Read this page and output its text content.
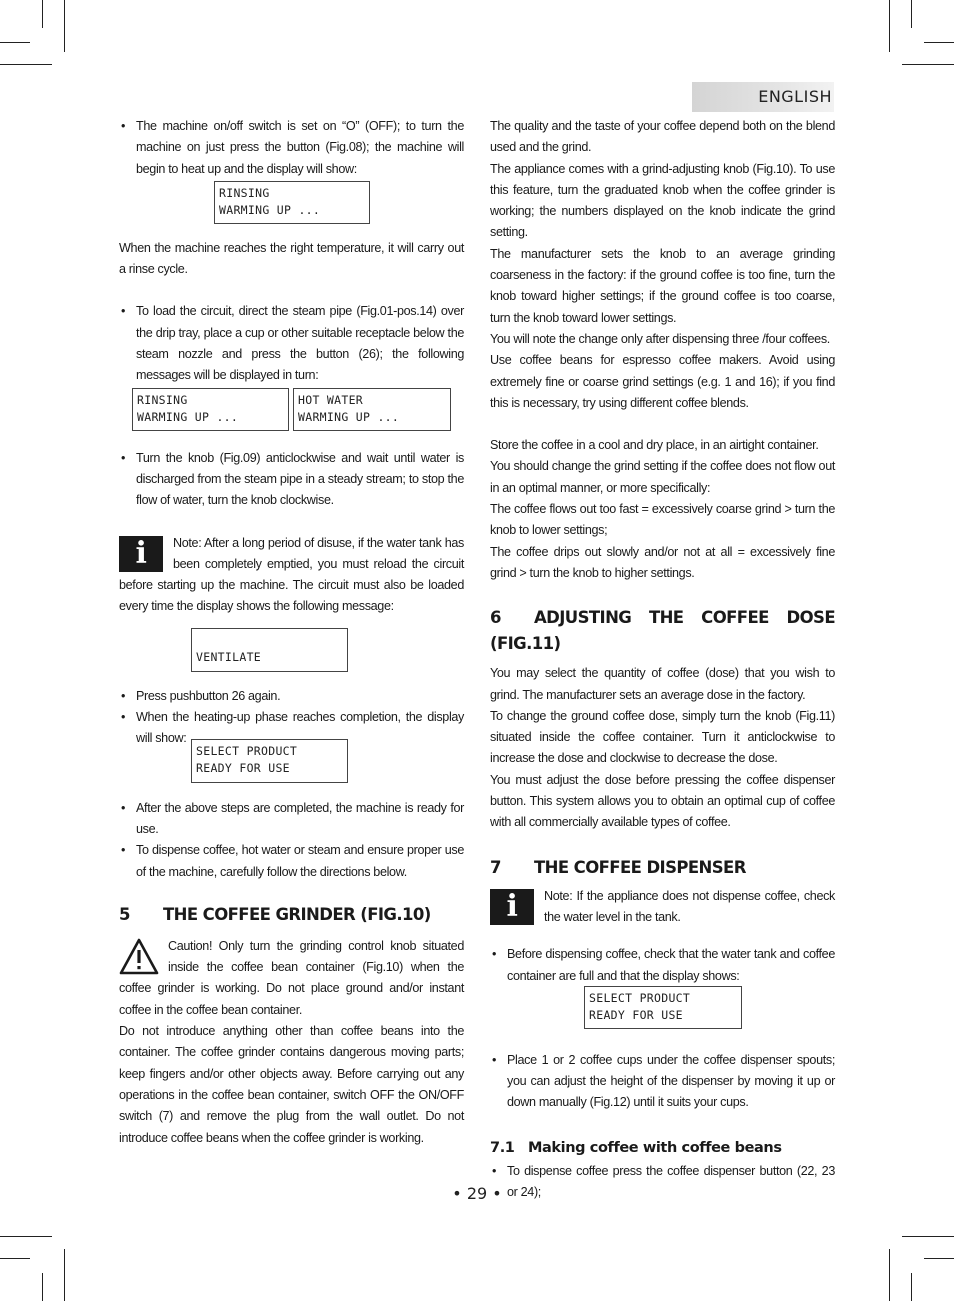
ENGLISH

• The machine on/off switch is set on “O” (OFF); to turn the machine on just press the button (Fig.08); the machine will begin to heat up and the display will show:

RINSING
WARMING UP ...

When the machine reaches the right temperature, it will carry out a rinse cycle.

• To load the circuit, direct the steam pipe (Fig.01-pos.14) over the drip tray, place a cup or other suitable receptacle below the steam nozzle and press the button (26); the following messages will be displayed in turn:

RINSING
WARMING UP ...
HOT WATER
WARMING UP ...

• Turn the knob (Fig.09) anticlockwise and wait until water is discharged from the steam pipe in a steady stream; to stop the flow of water, turn the knob clockwise.

i	Note: After a long period of disuse, if the water tank has been completely emptied, you must reload the circuit before starting up the machine. The circuit must also be loaded every time the display shows the following message:

VENTILATE

• Press pushbutton 26 again.

• When the heating-up phase reaches completion, the display will show:

SELECT PRODUCT
READY FOR USE

• After the above steps are completed, the machine is ready for use.

• To dispense coffee, hot water or steam and ensure proper use of the machine, carefully follow the directions below.

5 THE COFFEE GRINDER (FIG.10)

Caution! Only turn the grinding control knob situated inside the coffee bean container (Fig.10) when the coffee grinder is working. Do not place ground and/or instant coffee in the coffee bean container.

Do not introduce anything other than coffee beans into the container. The coffee grinder contains dangerous moving parts; keep fingers and/or other objects away. Before carrying out any operations in the coffee bean container, switch OFF the ON/OFF switch (7) and remove the plug from the wall outlet. Do not introduce coffee beans when the coffee grinder is working.

The quality and the taste of your coffee depend both on the blend used and the grind.

The appliance comes with a grind-adjusting knob (Fig.10). To use this feature, turn the graduated knob when the coffee grinder is working; the numbers displayed on the knob indicate the grind setting.

The manufacturer sets the knob to an average grinding coarseness in the factory: if the ground coffee is too fine, turn the knob toward higher settings; if the ground coffee is too coarse, turn the knob toward lower settings.

You will note the change only after dispensing three /four coffees.

Use coffee beans for espresso coffee makers. Avoid using extremely fine or coarse grind settings (e.g. 1 and 16); if you find this is necessary, try using different coffee blends.

Store the coffee in a cool and dry place, in an airtight container.

You should change the grind setting if the coffee does not flow out in an optimal manner, or more specifically:

The coffee flows out too fast = excessively coarse grind > turn the knob to lower settings;

The coffee drips out slowly and/or not at all = excessively fine grind > turn the knob to higher settings.

6 ADJUSTING THE COFFEE DOSE (FIG.11)

You may select the quantity of coffee (dose) that you wish to grind. The manufacturer sets an average dose in the factory.

To change the ground coffee dose, simply turn the knob (Fig.11) situated inside the coffee container. Turn it anticlockwise to increase the dose and clockwise to decrease the dose.

You must adjust the dose before pressing the coffee dispenser button. This system allows you to obtain an optimal cup of coffee with all commercially available types of coffee.

7 THE COFFEE DISPENSER
i	Note: If the appliance does not dispense coffee, check the water level in the tank.

• Before dispensing coffee, check that the water tank and coffee container are full and that the display shows:

SELECT PRODUCT
READY FOR USE

• Place 1 or 2 coffee cups under the coffee dispenser spouts; you can adjust the height of the dispenser by moving it up or down manually (Fig.12) until it suits your cups.

7.1 Making coffee with coffee beans

• To dispense coffee press the coffee dispenser button (22, 23 or 24);

• 29 •
